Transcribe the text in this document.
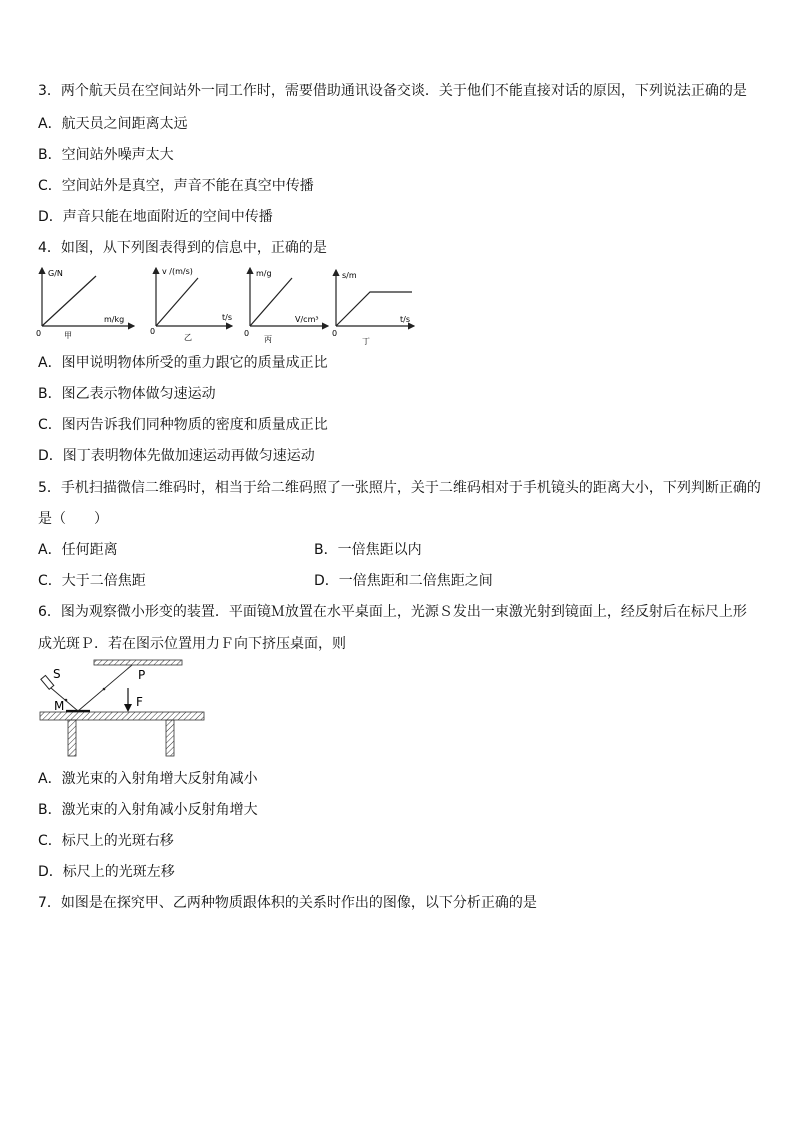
3．两个航天员在空间站外一同工作时，需要借助通讯设备交谈．关于他们不能直接对话的原因，下列说法正确的是
A．航天员之间距离太远
B．空间站外噪声太大
C．空间站外是真空，声音不能在真空中传播
D．声音只能在地面附近的空间中传播
4．如图，从下列图表得到的信息中，正确的是
G/N
m/kg
0	甲
v /(m/s)
t/s
0
乙
m/g
V/cm³
0
丙
s/m
t/s
0
丁
A．图甲说明物体所受的重力跟它的质量成正比
B．图乙表示物体做匀速运动
C．图丙告诉我们同种物质的密度和质量成正比
D．图丁表明物体先做加速运动再做匀速运动
5．手机扫描微信二维码时，相当于给二维码照了一张照片，关于二维码相对于手机镜头的距离大小，下列判断正确的
是（　　）
A．任何距离	B．一倍焦距以内
C．大于二倍焦距	D．一倍焦距和二倍焦距之间
6．图为观察微小形变的装置．平面镜Ｍ放置在水平桌面上，光源Ｓ发出一束激光射到镜面上，经反射后在标尺上形
成光斑Ｐ．若在图示位置用力Ｆ向下挤压桌面，则
S
M
P
F
A．激光束的入射角增大反射角减小
B．激光束的入射角减小反射角增大
C．标尺上的光斑右移
D．标尺上的光斑左移
7．如图是在探究甲、乙两种物质跟体积的关系时作出的图像，以下分析正确的是
